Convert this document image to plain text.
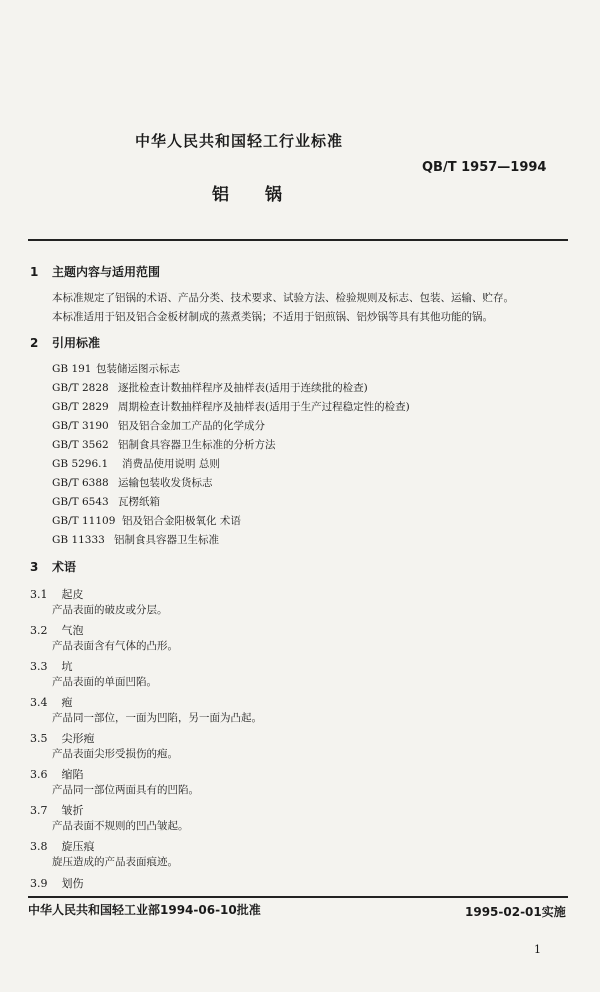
中华人民共和国轻工行业标准
QB/T 1957—1994
铝锅
1 主题内容与适用范围
本标准规定了铝锅的术语、产品分类、技术要求、试验方法、检验规则及标志、包装、运输、贮存。
本标准适用于铝及铝合金板材制成的蒸煮类锅；不适用于铝煎锅、铝炒锅等具有其他功能的锅。
2 引用标准
GB 191 包装储运图示标志
GB/T 2828 逐批检查计数抽样程序及抽样表(适用于连续批的检查)
GB/T 2829 周期检查计数抽样程序及抽样表(适用于生产过程稳定性的检查)
GB/T 3190 铝及铝合金加工产品的化学成分
GB/T 3562 铝制食具容器卫生标准的分析方法
GB 5296.1 消费品使用说明 总则
GB/T 6388 运输包装收发货标志
GB/T 6543 瓦楞纸箱
GB/T 11109 铝及铝合金阳极氧化 术语
GB 11333 铝制食具容器卫生标准
3 术语
3.1 起皮
产品表面的破皮或分层。
3.2 气泡
产品表面含有气体的凸形。
3.3 坑
产品表面的单面凹陷。
3.4 疱
产品同一部位，一面为凹陷，另一面为凸起。
3.5 尖形疱
产品表面尖形受损伤的疱。
3.6 缩陷
产品同一部位两面具有的凹陷。
3.7 皱折
产品表面不规则的凹凸皱起。
3.8 旋压痕
旋压造成的产品表面痕迹。
3.9 划伤
中华人民共和国轻工业部1994-06-10批准	1995-02-01实施
1
